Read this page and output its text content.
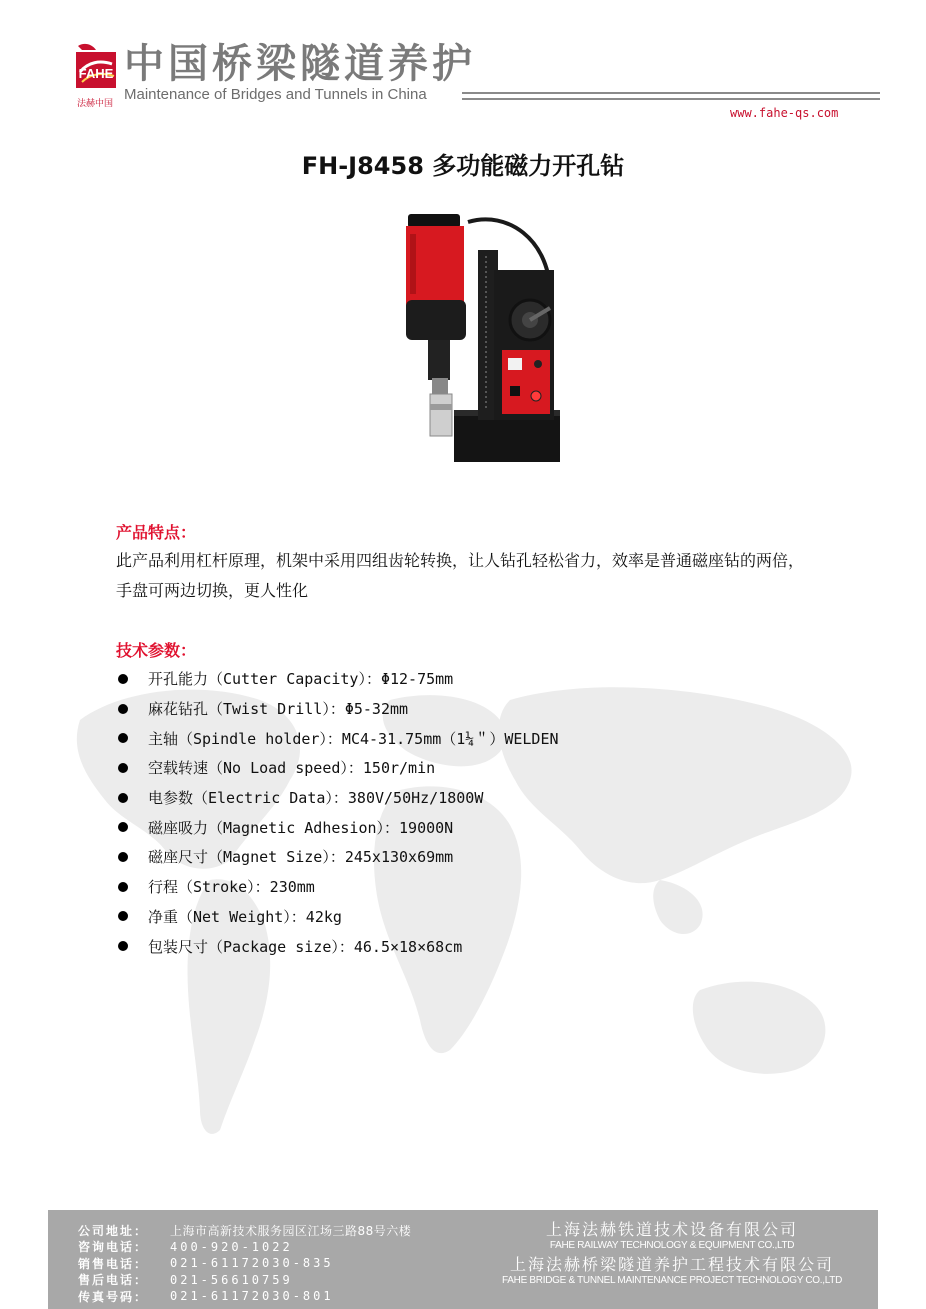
FAHE
法赫中国
中国桥梁隧道养护
Maintenance of Bridges and Tunnels in China
www.fahe-qs.com
FH-J8458 多功能磁力开孔钻
产品特点：
此产品利用杠杆原理，机架中采用四组齿轮转换，让人钻孔轻松省力，效率是普通磁座钻的两倍，手盘可两边切换，更人性化
技术参数：
开孔能力（Cutter Capacity）：Φ12-75mm
麻花钻孔（Twist Drill）：Φ5-32mm
主轴（Spindle holder）：MC4-31.75mm（1¼＂）WELDEN
空载转速（No Load speed）：150r/min
电参数（Electric Data）：380V/50Hz/1800W
磁座吸力（Magnetic Adhesion）：19000N
磁座尺寸（Magnet Size）：245x130x69mm
行程（Stroke）：230mm
净重（Net Weight）：42kg
包装尺寸（Package size）：46.5×18×68cm
公司地址：	上海市高新技术服务园区江场三路88号六楼
咨询电话：	400-920-1022
销售电话：	021-61172030-835
售后电话：	021-56610759
传真号码：	021-61172030-801
上海法赫铁道技术设备有限公司
FAHE RAILWAY TECHNOLOGY & EQUIPMENT CO.,LTD
上海法赫桥梁隧道养护工程技术有限公司
FAHE BRIDGE & TUNNEL MAINTENANCE PROJECT TECHNOLOGY CO.,LTD
